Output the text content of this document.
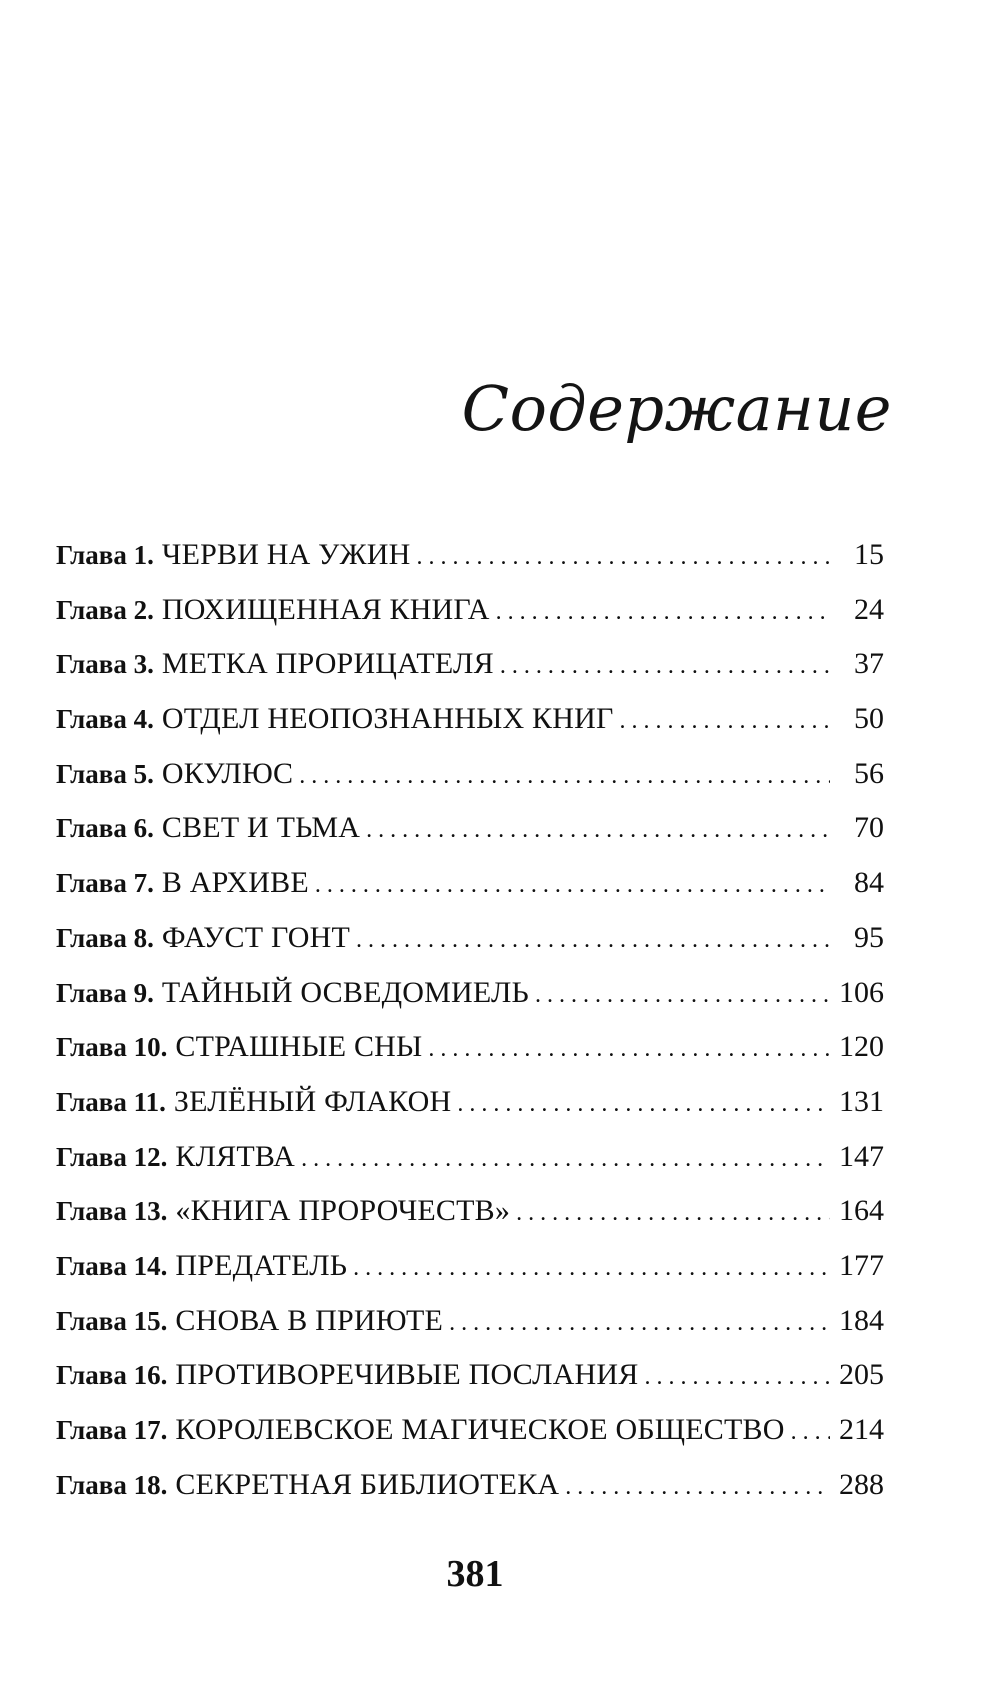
Содержание
Глава 1. ЧЕРВИ НА УЖИН . . .	15
Глава 2. ПОХИЩЕННАЯ КНИГА . . .	24
Глава 3. МЕТКА ПРОРИЦАТЕЛЯ . . .	37
Глава 4. ОТДЕЛ НЕОПОЗНАННЫХ КНИГ . . .	50
Глава 5. ОКУЛЮС . . .	56
Глава 6. СВЕТ И ТЬМА . . .	70
Глава 7. В АРХИВЕ . . .	84
Глава 8. ФАУСТ ГОНТ . . .	95
Глава 9. ТАЙНЫЙ ОСВЕДОМИЕЛЬ . . .	106
Глава 10. СТРАШНЫЕ СНЫ . . .	120
Глава 11. ЗЕЛЁНЫЙ ФЛАКОН . . .	131
Глава 12. КЛЯТВА . . .	147
Глава 13. «КНИГА ПРОРОЧЕСТВ» . . .	164
Глава 14. ПРЕДАТЕЛЬ . . .	177
Глава 15. СНОВА В ПРИЮТЕ . . .	184
Глава 16. ПРОТИВОРЕЧИВЫЕ ПОСЛАНИЯ . . .	205
Глава 17. КОРОЛЕВСКОЕ МАГИЧЕСКОЕ ОБЩЕСТВО . . . 214
Глава 18. СЕКРЕТНАЯ БИБЛИОТЕКА . . .	288

381
